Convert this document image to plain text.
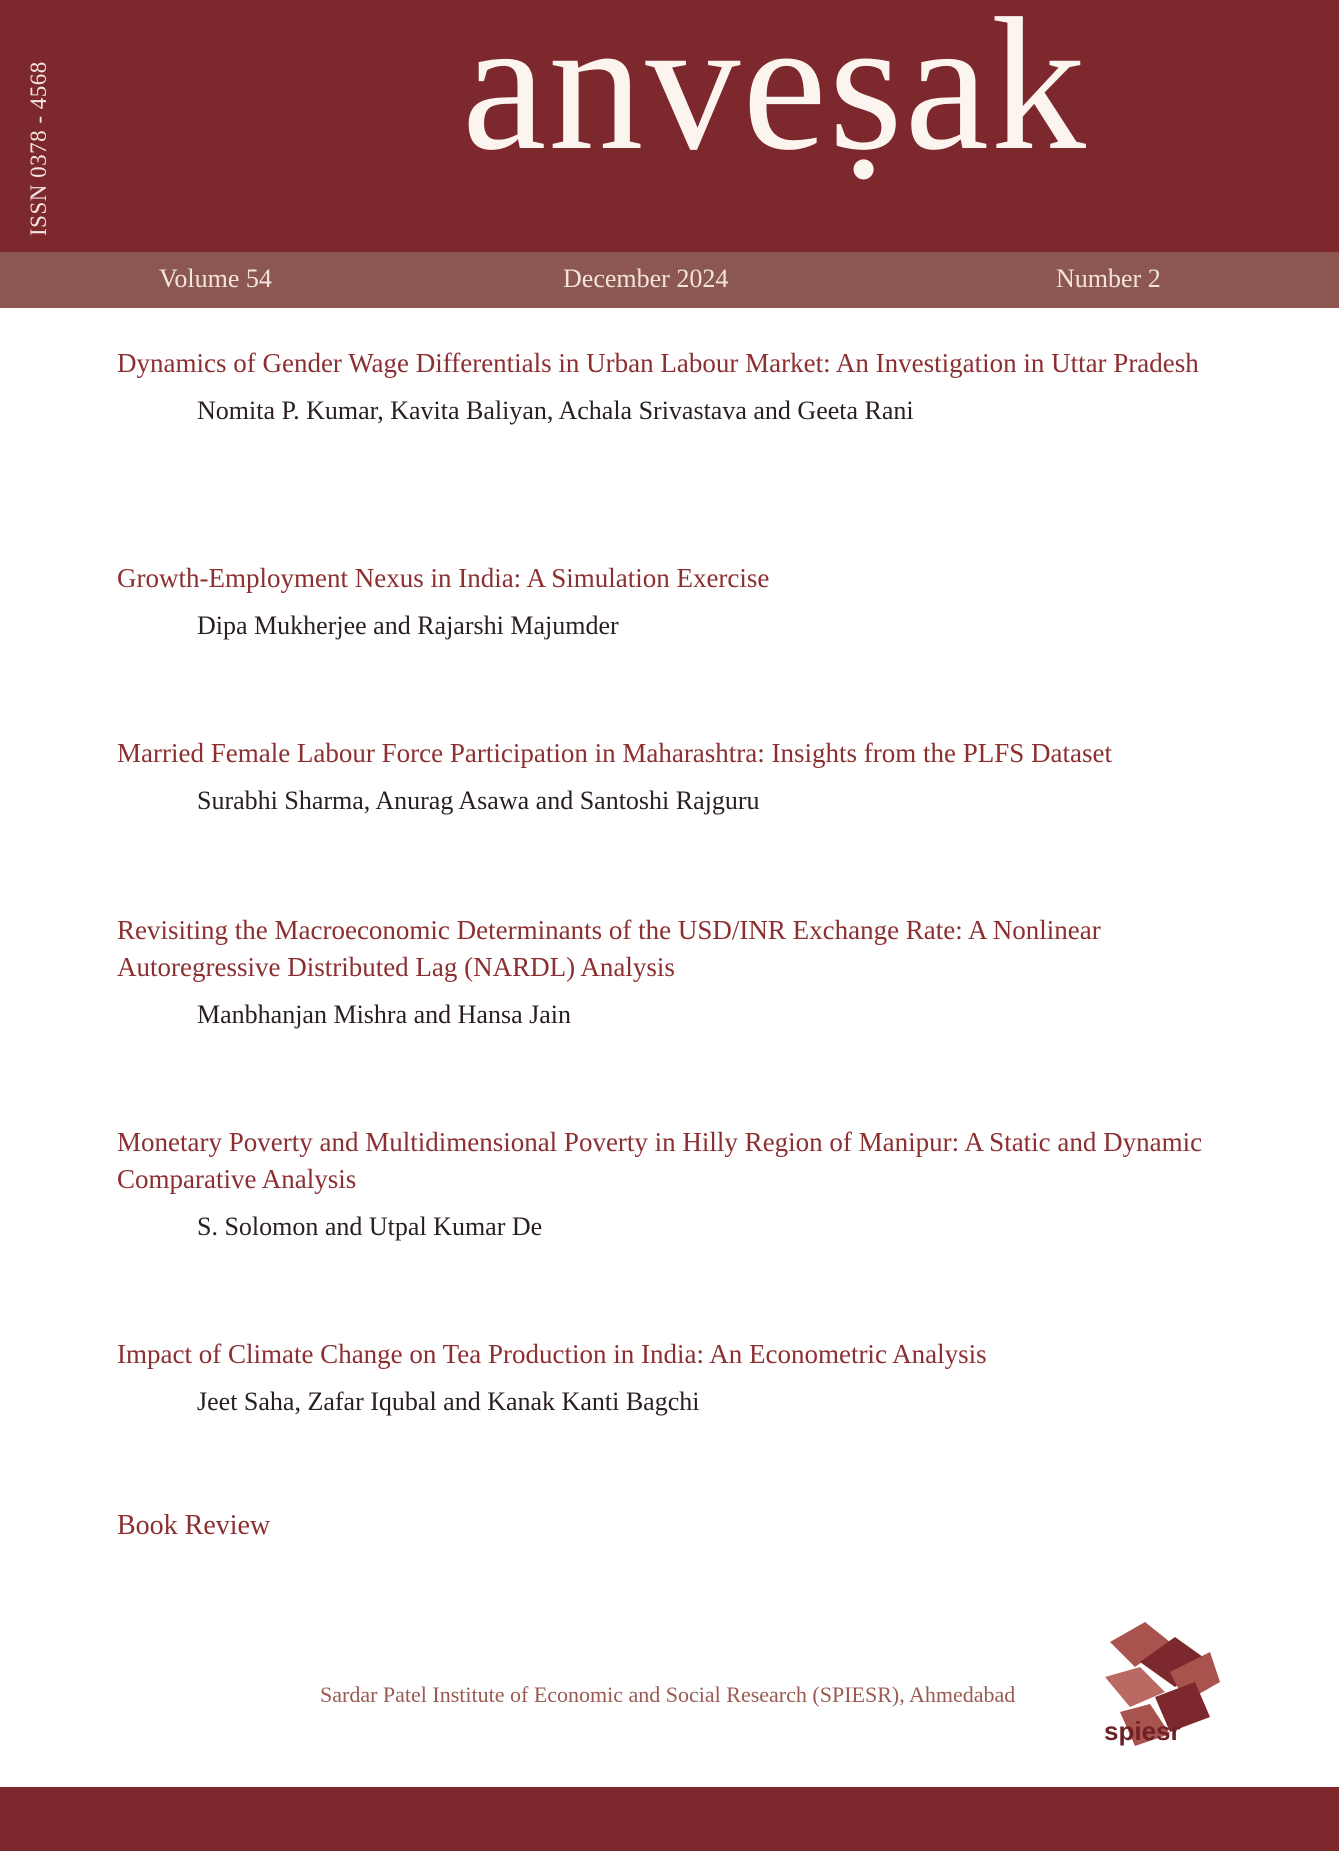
ISSN 0378 - 4568 anveṣak
Volume 54	December 2024	Number 2
Dynamics of Gender Wage Differentials in Urban Labour Market: An Investigation in Uttar Pradesh
Nomita P. Kumar, Kavita Baliyan, Achala Srivastava and Geeta Rani
Growth-Employment Nexus in India: A Simulation Exercise
Dipa Mukherjee and Rajarshi Majumder
Married Female Labour Force Participation in Maharashtra: Insights from the PLFS Dataset
Surabhi Sharma, Anurag Asawa and Santoshi Rajguru
Revisiting the Macroeconomic Determinants of the USD/INR Exchange Rate: A Nonlinear Autoregressive Distributed Lag (NARDL) Analysis
Manbhanjan Mishra and Hansa Jain
Monetary Poverty and Multidimensional Poverty in Hilly Region of Manipur: A Static and Dynamic Comparative Analysis
S. Solomon and Utpal Kumar De
Impact of Climate Change on Tea Production in India: An Econometric Analysis
Jeet Saha, Zafar Iqubal and Kanak Kanti Bagchi
Book Review
Sardar Patel Institute of Economic and Social Research (SPIESR), Ahmedabad
spiesr
